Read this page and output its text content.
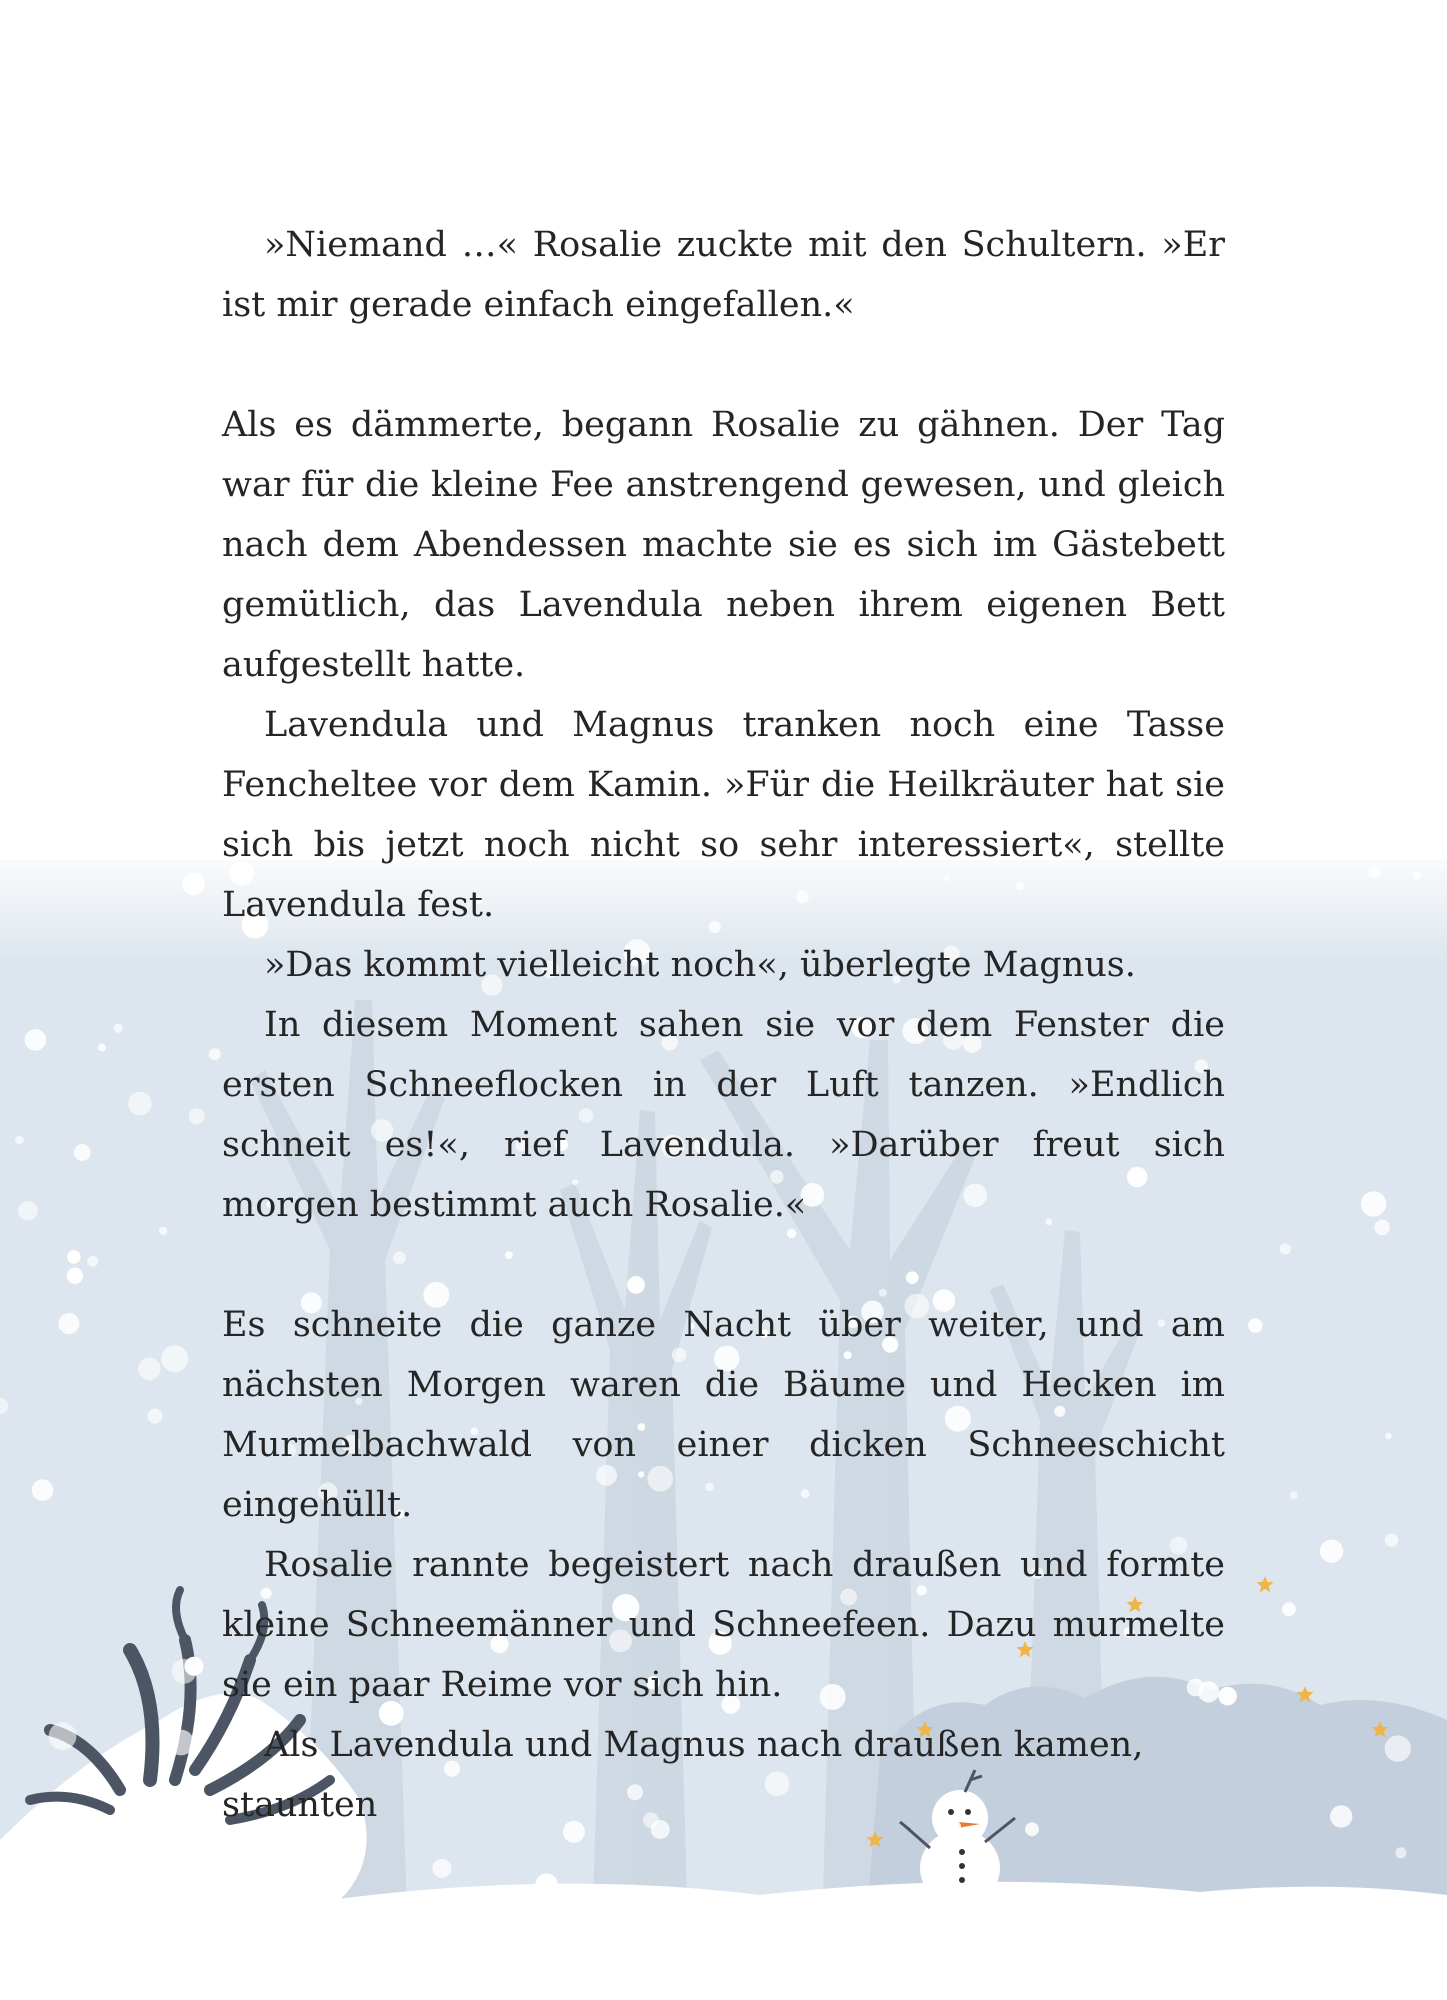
»Niemand …« Rosalie zuckte mit den Schultern. »Er ist mir gerade einfach eingefallen.«

Als es dämmerte, begann Rosalie zu gähnen. Der Tag war für die kleine Fee anstrengend gewesen, und gleich nach dem Abendessen machte sie es sich im Gästebett gemütlich, das Lavendula neben ihrem eigenen Bett aufgestellt hatte.

Lavendula und Magnus tranken noch eine Tasse Fencheltee vor dem Kamin. »Für die Heilkräuter hat sie sich bis jetzt noch nicht so sehr interessiert«, stellte Lavendula fest.

»Das kommt vielleicht noch«, überlegte Magnus.

In diesem Moment sahen sie vor dem Fenster die ersten Schneeflocken in der Luft tanzen. »Endlich schneit es!«, rief Lavendula. »Darüber freut sich morgen bestimmt auch Rosalie.«

Es schneite die ganze Nacht über weiter, und am nächsten Morgen waren die Bäume und Hecken im Murmelbachwald von einer dicken Schneeschicht eingehüllt.

Rosalie rannte begeistert nach draußen und formte kleine Schneemänner und Schneefeen. Dazu murmelte sie ein paar Reime vor sich hin.

Als Lavendula und Magnus nach draußen kamen, staunten
